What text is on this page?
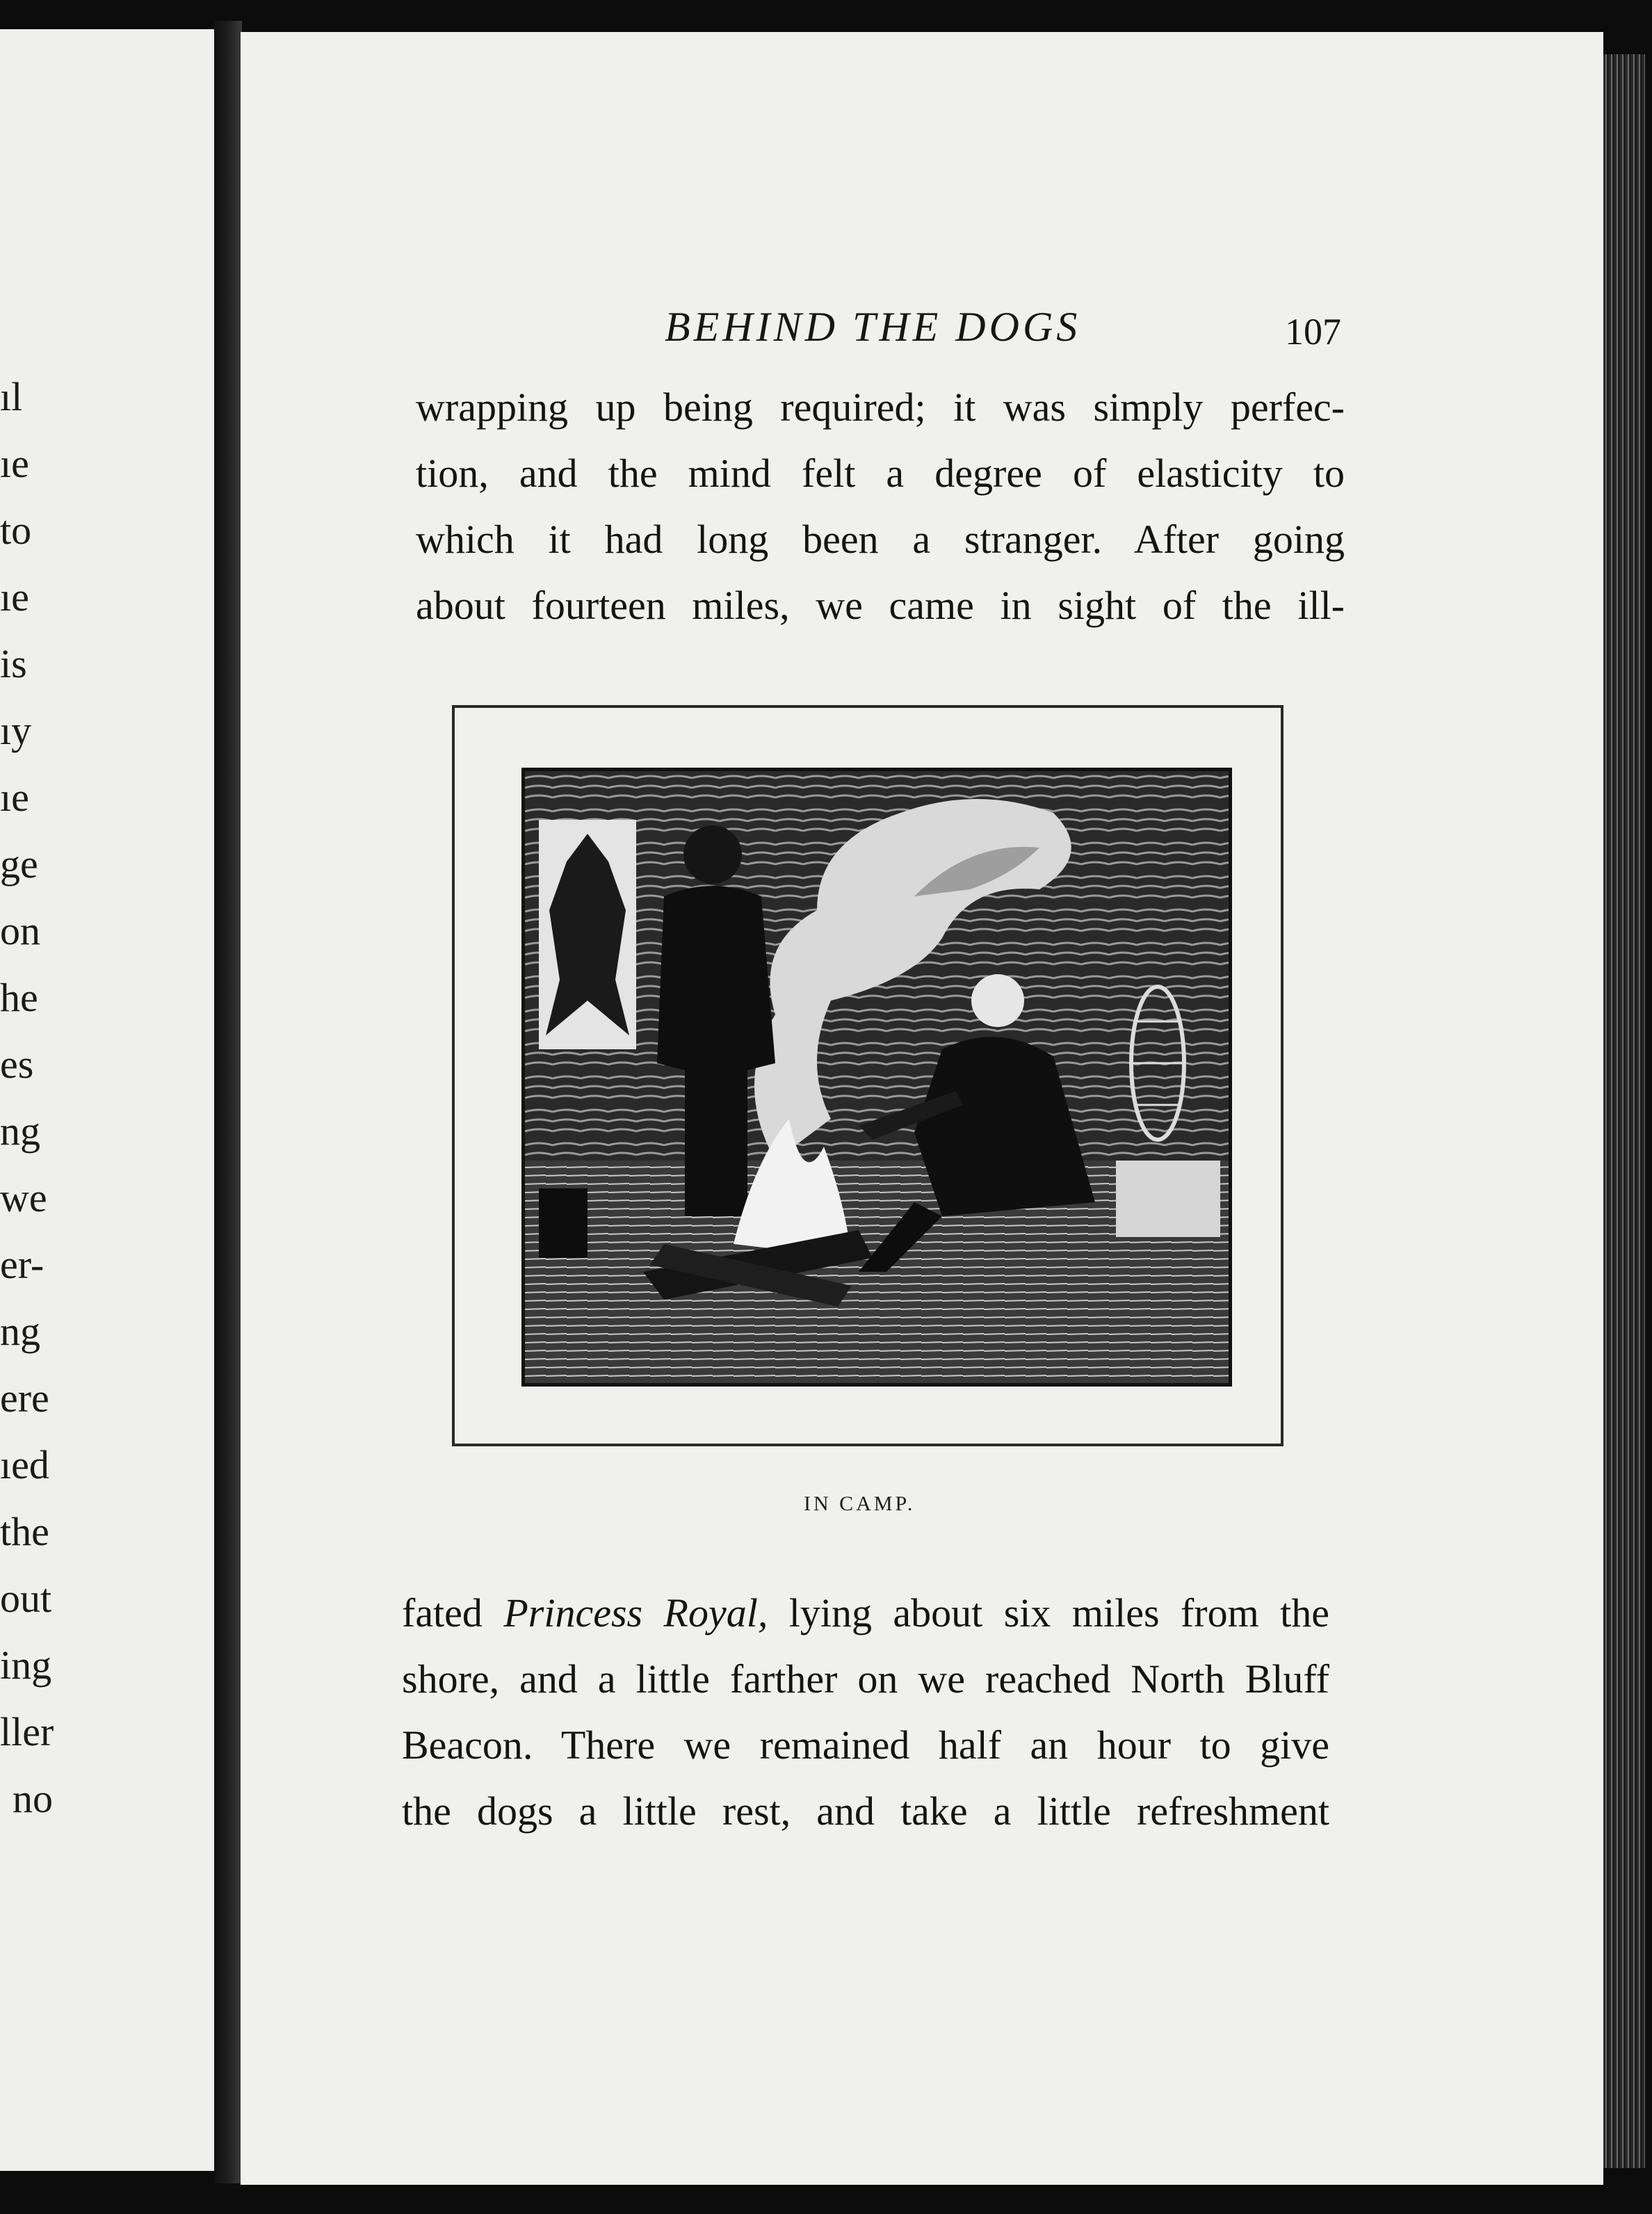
ıl
ıe
to
ıe
is
ıy
ıe
ge
on
he
es
ng
we
er-
ng
ere
ıed
the
out
ing
ller
no
BEHIND THE DOGS	107
wrapping up being required; it was simply perfec-
tion, and the mind felt a degree of elasticity to
which it had long been a stranger. After going
about fourteen miles, we came in sight of the ill-
IN CAMP.
fated Princess Royal, lying about six miles from the
shore, and a little farther on we reached North Bluff
Beacon. There we remained half an hour to give
the dogs a little rest, and take a little refreshment
